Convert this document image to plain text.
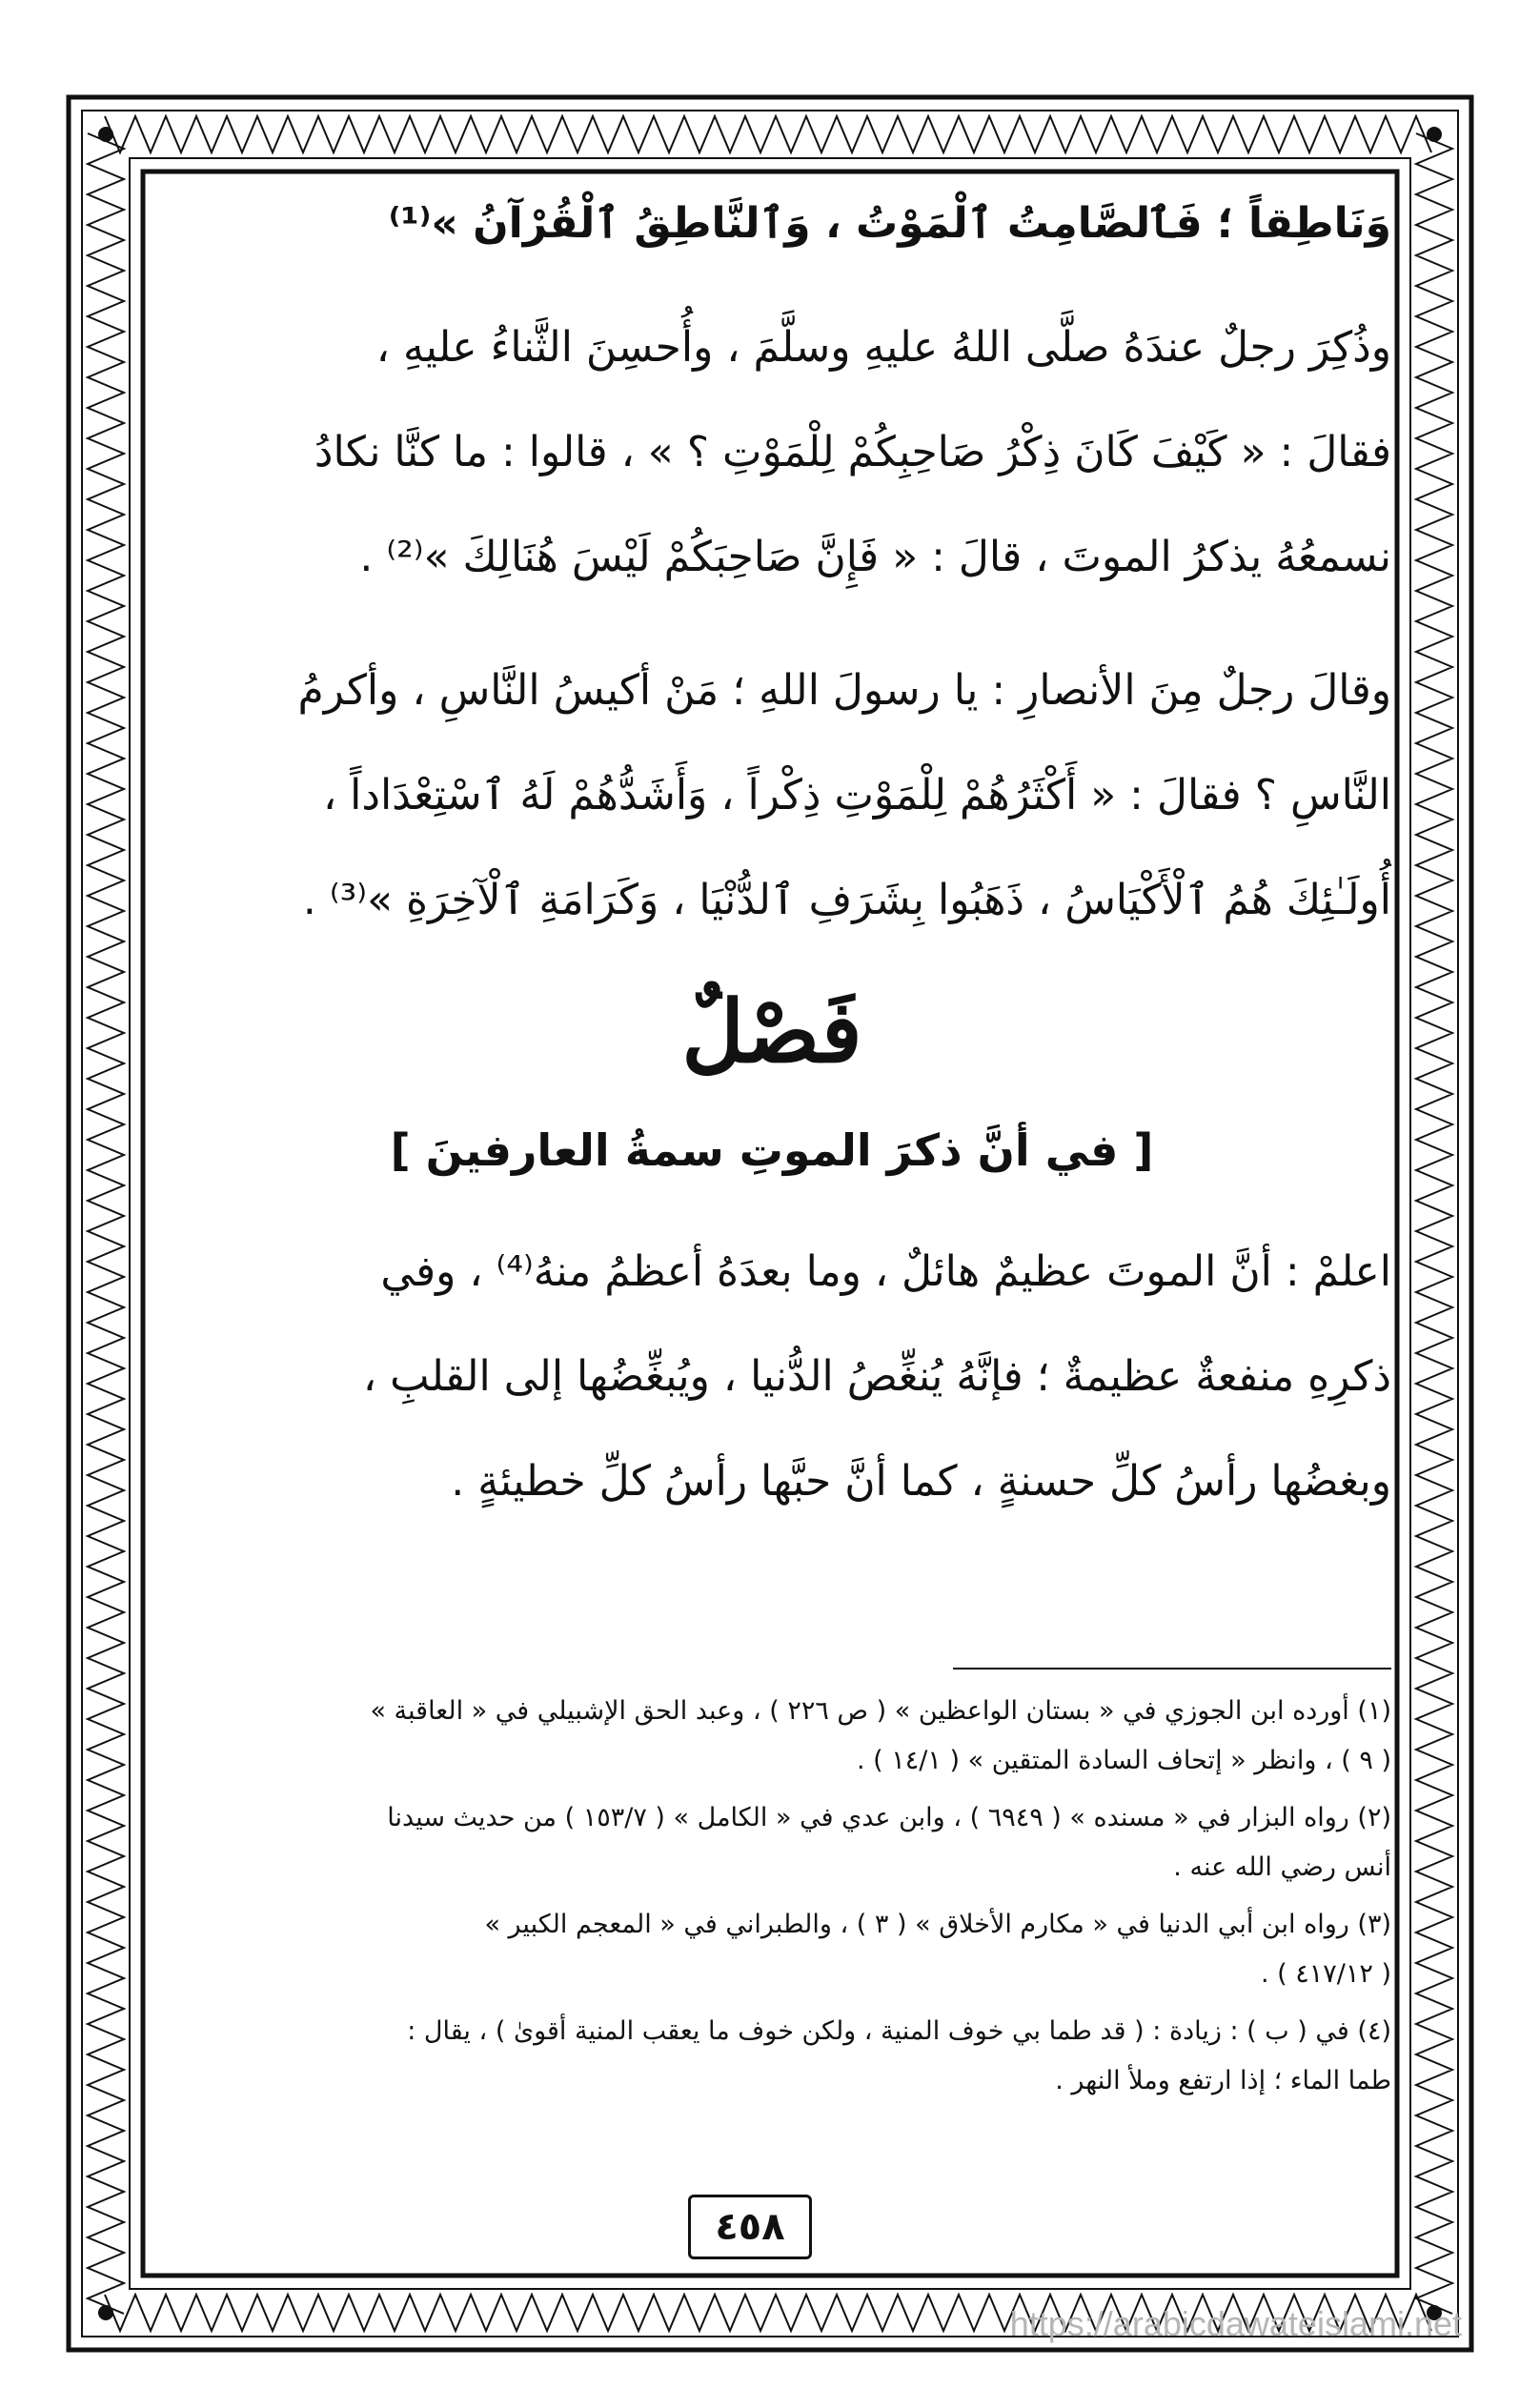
وَنَاطِقاً ؛ فَٱلصَّامِتُ ٱلْمَوْتُ ، وَٱلنَّاطِقُ ٱلْقُرْآنُ »⁽¹⁾
وذُكِرَ رجلٌ عندَهُ صلَّى اللهُ عليهِ وسلَّمَ ، وأُحسِنَ الثَّناءُ عليهِ ،
فقالَ : « كَيْفَ كَانَ ذِكْرُ صَاحِبِكُمْ لِلْمَوْتِ ؟ » ، قالوا : ما كنَّا نكادُ
نسمعُهُ يذكرُ الموتَ ، قالَ : « فَإِنَّ صَاحِبَكُمْ لَيْسَ هُنَالِكَ »⁽²⁾ .
وقالَ رجلٌ مِنَ الأنصارِ : يا رسولَ اللهِ ؛ مَنْ أكيسُ النَّاسِ ، وأكرمُ
النَّاسِ ؟ فقالَ : « أَكْثَرُهُمْ لِلْمَوْتِ ذِكْراً ، وَأَشَدُّهُمْ لَهُ ٱسْتِعْدَاداً ،
أُولَـٰئِكَ هُمُ ٱلْأَكْيَاسُ ، ذَهَبُوا بِشَرَفِ ٱلدُّنْيَا ، وَكَرَامَةِ ٱلْآخِرَةِ »⁽³⁾ .
فَصْلٌ
[ في أنَّ ذكرَ الموتِ سمةُ العارفينَ ]
اعلمْ : أنَّ الموتَ عظيمٌ هائلٌ ، وما بعدَهُ أعظمُ منهُ⁽⁴⁾ ، وفي
ذكرِهِ منفعةٌ عظيمةٌ ؛ فإنَّهُ يُنغِّصُ الدُّنيا ، ويُبغِّضُها إلى القلبِ ،
وبغضُها رأسُ كلِّ حسنةٍ ، كما أنَّ حبَّها رأسُ كلِّ خطيئةٍ .

(١) أورده ابن الجوزي في « بستان الواعظين » ( ص ٢٢٦ ) ، وعبد الحق الإشبيلي في « العاقبة »
( ٩ ) ، وانظر « إتحاف السادة المتقين » ( ١٤/١ ) .

(٢) رواه البزار في « مسنده » ( ٦٩٤٩ ) ، وابن عدي في « الكامل » ( ١٥٣/٧ ) من حديث سيدنا
أنس رضي الله عنه .

(٣) رواه ابن أبي الدنيا في « مكارم الأخلاق » ( ٣ ) ، والطبراني في « المعجم الكبير »
( ٤١٧/١٢ ) .

(٤) في ( ب ) : زيادة : ( قد طما بي خوف المنية ، ولكن خوف ما يعقب المنية أقوىٰ ) ، يقال :
طما الماء ؛ إذا ارتفع وملأ النهر .

٤٥٨
https://arabicdawateislami.net
